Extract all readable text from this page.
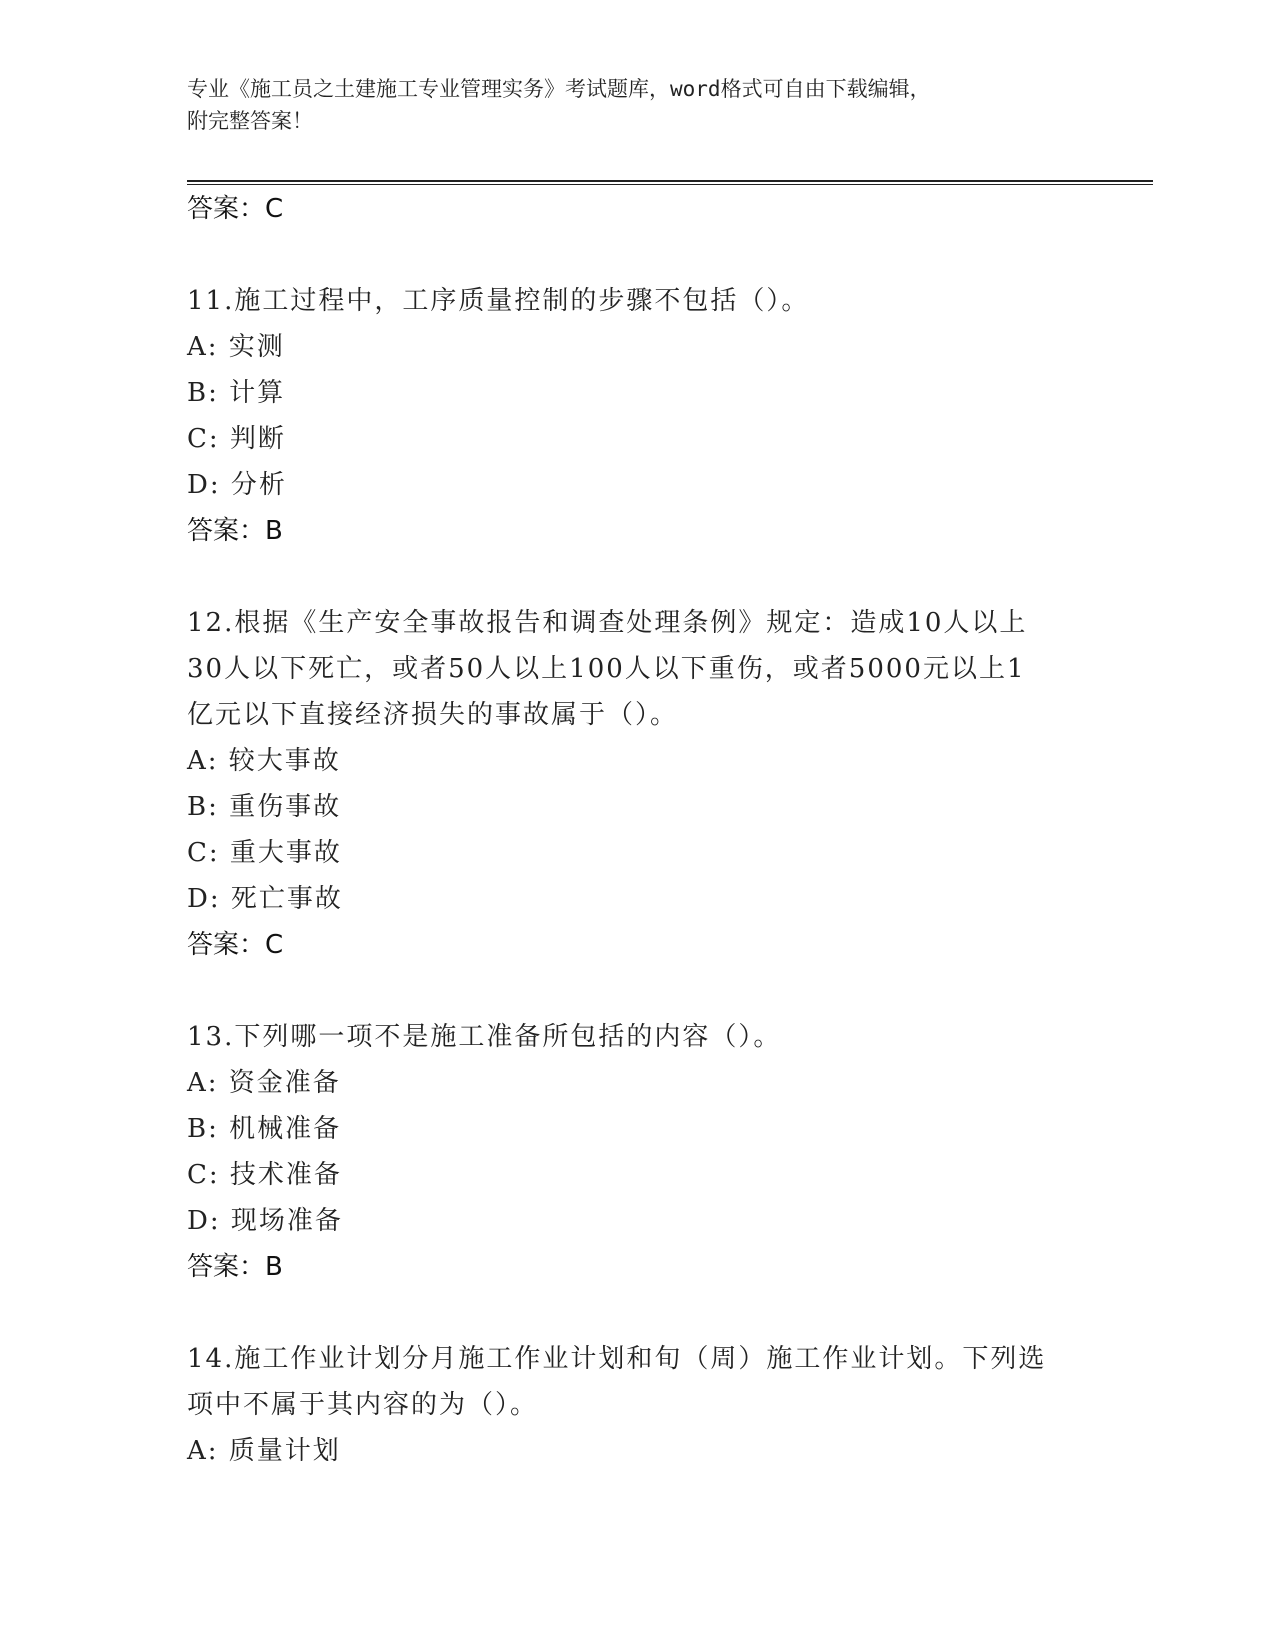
专业《施工员之土建施工专业管理实务》考试题库，word格式可自由下载编辑，
附完整答案！
答案：C
11.施工过程中，工序质量控制的步骤不包括（）。
A: 实测
B: 计算
C: 判断
D: 分析
答案：B
12.根据《生产安全事故报告和调查处理条例》规定：造成10人以上
30人以下死亡，或者50人以上100人以下重伤，或者5000元以上1
亿元以下直接经济损失的事故属于（）。
A: 较大事故
B: 重伤事故
C: 重大事故
D: 死亡事故
答案：C
13.下列哪一项不是施工准备所包括的内容（）。
A: 资金准备
B: 机械准备
C: 技术准备
D: 现场准备
答案：B
14.施工作业计划分月施工作业计划和旬（周）施工作业计划。下列选
项中不属于其内容的为（）。
A: 质量计划
